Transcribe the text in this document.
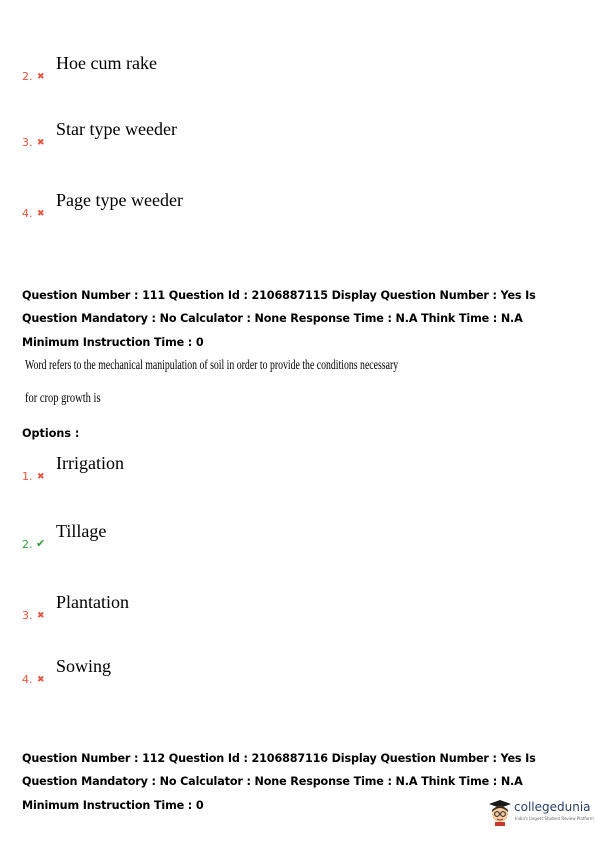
2. ✖
Hoe cum rake
3. ✖
Star type weeder
4. ✖
Page type weeder
Question Number : 111 Question Id : 2106887115 Display Question Number : Yes Is Question Mandatory : No Calculator : None Response Time : N.A Think Time : N.A Minimum Instruction Time : 0
Word refers to the mechanical manipulation of soil in order to provide the conditions necessary
for crop growth is
Options :
1. ✖
Irrigation
2. ✔
Tillage
3. ✖
Plantation
4. ✖
Sowing
Question Number : 112 Question Id : 2106887116 Display Question Number : Yes Is Question Mandatory : No Calculator : None Response Time : N.A Think Time : N.A Minimum Instruction Time : 0	collegedunia
India's largest Student Review Platform
